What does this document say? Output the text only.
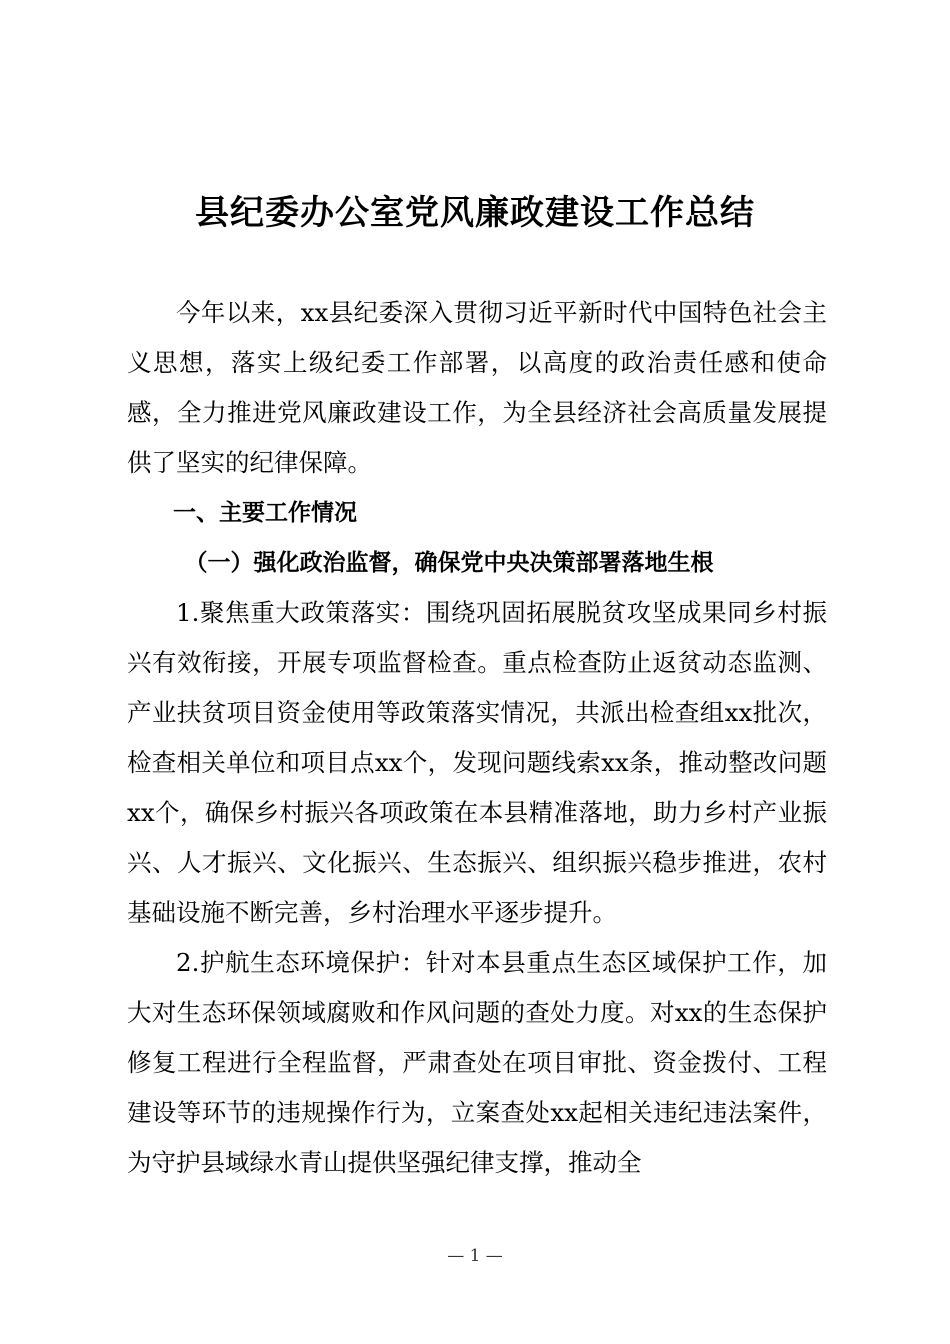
县纪委办公室党风廉政建设工作总结

今年以来，xx县纪委深入贯彻习近平新时代中国特色社会主义思想，落实上级纪委工作部署，以高度的政治责任感和使命感，全力推进党风廉政建设工作，为全县经济社会高质量发展提供了坚实的纪律保障。

一、主要工作情况

（一）强化政治监督，确保党中央决策部署落地生根

1.聚焦重大政策落实：围绕巩固拓展脱贫攻坚成果同乡村振兴有效衔接，开展专项监督检查。重点检查防止返贫动态监测、产业扶贫项目资金使用等政策落实情况，共派出检查组xx批次，检查相关单位和项目点xx个，发现问题线索xx条，推动整改问题xx个，确保乡村振兴各项政策在本县精准落地，助力乡村产业振兴、人才振兴、文化振兴、生态振兴、组织振兴稳步推进，农村基础设施不断完善，乡村治理水平逐步提升。

2.护航生态环境保护：针对本县重点生态区域保护工作，加大对生态环保领域腐败和作风问题的查处力度。对xx的生态保护修复工程进行全程监督，严肃查处在项目审批、资金拨付、工程建设等环节的违规操作行为，立案查处xx起相关违纪违法案件，为守护县域绿水青山提供坚强纪律支撑，推动全

— 1 —
